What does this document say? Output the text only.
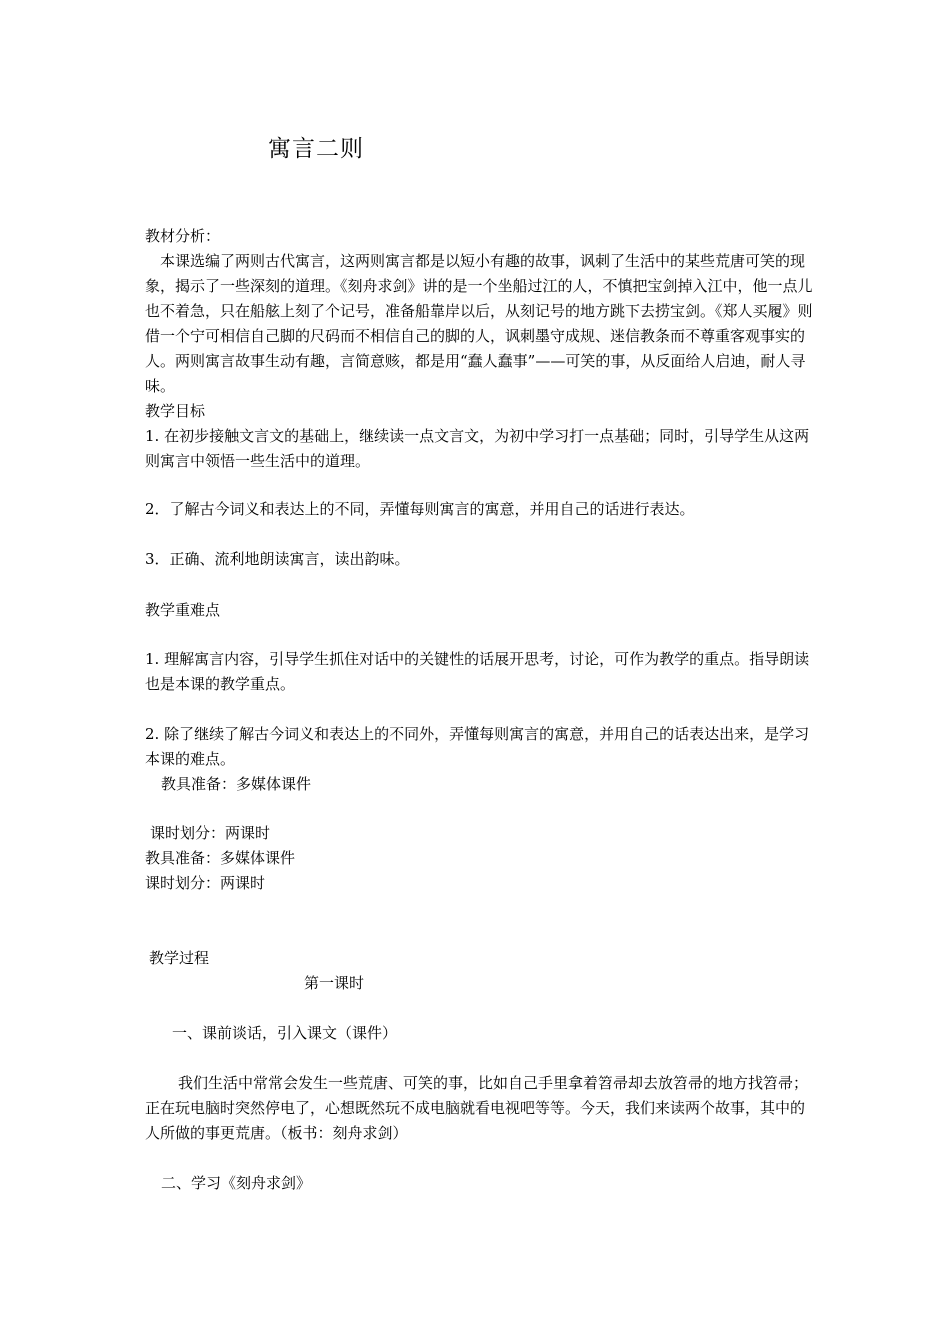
寓言二则

教材分析：

本课选编了两则古代寓言，这两则寓言都是以短小有趣的故事，讽刺了生活中的某些荒唐可笑的现象，揭示了一些深刻的道理。《刻舟求剑》讲的是一个坐船过江的人，不慎把宝剑掉入江中，他一点儿也不着急，只在船舷上刻了个记号，准备船靠岸以后，从刻记号的地方跳下去捞宝剑。《郑人买履》则借一个宁可相信自己脚的尺码而不相信自己的脚的人，讽刺墨守成规、迷信教条而不尊重客观事实的人。两则寓言故事生动有趣，言简意赅，都是用“蠢人蠢事”——可笑的事，从反面给人启迪，耐人寻味。

教学目标

1. 在初步接触文言文的基础上，继续读一点文言文，为初中学习打一点基础；同时，引导学生从这两则寓言中领悟一些生活中的道理。

2．了解古今词义和表达上的不同，弄懂每则寓言的寓意，并用自己的话进行表达。
3．正确、流利地朗读寓言，读出韵味。
教学重难点
1. 理解寓言内容，引导学生抓住对话中的关键性的话展开思考，讨论，可作为教学的重点。指导朗读也是本课的教学重点。

2. 除了继续了解古今词义和表达上的不同外，弄懂每则寓言的寓意，并用自己的话表达出来，是学习本课的难点。

教具准备：多媒体课件

课时划分：两课时

教具准备：多媒体课件

课时划分：两课时

教学过程
第一课时
一、课前谈话，引入课文（课件）

我们生活中常常会发生一些荒唐、可笑的事，比如自己手里拿着笤帚却去放笤帚的地方找笤帚；正在玩电脑时突然停电了，心想既然玩不成电脑就看电视吧等等。今天，我们来读两个故事，其中的人所做的事更荒唐。（板书：刻舟求剑）

二、学习《刻舟求剑》
